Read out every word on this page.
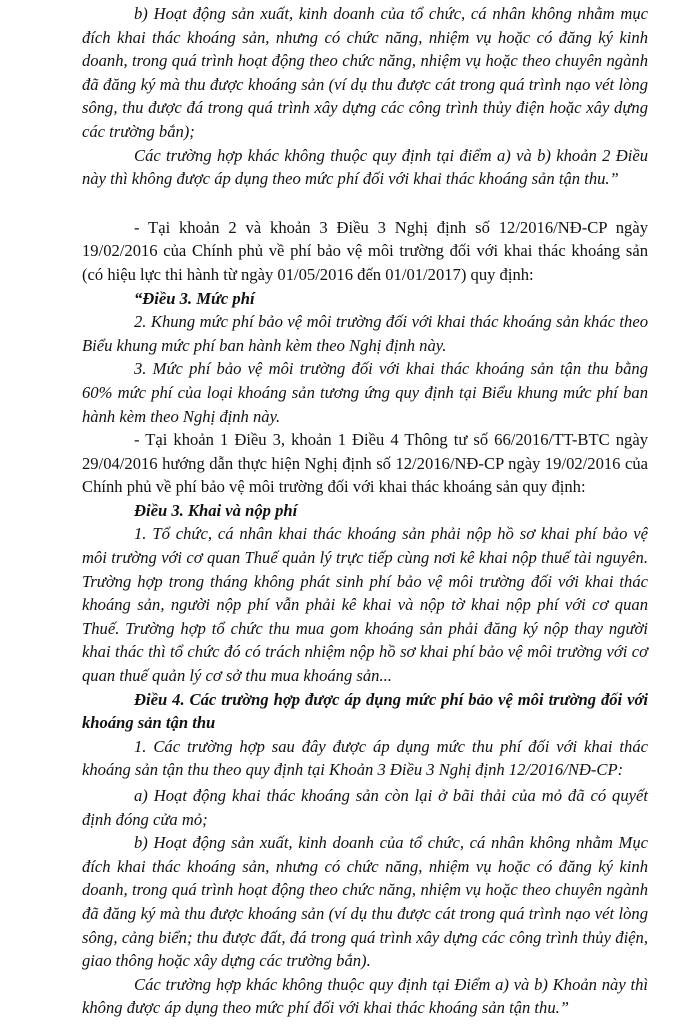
b) Hoạt động sản xuất, kinh doanh của tổ chức, cá nhân không nhằm mục đích khai thác khoáng sản, nhưng có chức năng, nhiệm vụ hoặc có đăng ký kinh doanh, trong quá trình hoạt động theo chức năng, nhiệm vụ hoặc theo chuyên ngành đã đăng ký mà thu được khoáng sản (ví dụ thu được cát trong quá trình nạo vét lòng sông, thu được đá trong quá trình xây dựng các công trình thủy điện hoặc xây dựng các trường bắn);

Các trường hợp khác không thuộc quy định tại điểm a) và b) khoản 2 Điều này thì không được áp dụng theo mức phí đối với khai thác khoáng sản tận thu.”

- Tại khoản 2 và khoản 3 Điều 3 Nghị định số 12/2016/NĐ-CP ngày 19/02/2016 của Chính phủ về phí bảo vệ môi trường đối với khai thác khoáng sản (có hiệu lực thi hành từ ngày 01/05/2016 đến 01/01/2017) quy định:

“Điều 3. Mức phí

2. Khung mức phí bảo vệ môi trường đối với khai thác khoáng sản khác theo Biểu khung mức phí ban hành kèm theo Nghị định này.

3. Mức phí bảo vệ môi trường đối với khai thác khoáng sản tận thu bằng 60% mức phí của loại khoáng sản tương ứng quy định tại Biểu khung mức phí ban hành kèm theo Nghị định này.

- Tại khoản 1 Điều 3, khoản 1 Điều 4 Thông tư số 66/2016/TT-BTC ngày 29/04/2016 hướng dẫn thực hiện Nghị định số 12/2016/NĐ-CP ngày 19/02/2016 của Chính phủ về phí bảo vệ môi trường đối với khai thác khoáng sản quy định:

Điều 3. Khai và nộp phí

1. Tổ chức, cá nhân khai thác khoáng sản phải nộp hồ sơ khai phí bảo vệ môi trường với cơ quan Thuế quản lý trực tiếp cùng nơi kê khai nộp thuế tài nguyên. Trường hợp trong tháng không phát sinh phí bảo vệ môi trường đối với khai thác khoáng sản, người nộp phí vẫn phải kê khai và nộp tờ khai nộp phí với cơ quan Thuế. Trường hợp tổ chức thu mua gom khoáng sản phải đăng ký nộp thay người khai thác thì tổ chức đó có trách nhiệm nộp hồ sơ khai phí bảo vệ môi trường với cơ quan thuế quản lý cơ sở thu mua khoáng sản...

Điều 4. Các trường hợp được áp dụng mức phí bảo vệ môi trường đối với khoáng sản tận thu

1. Các trường hợp sau đây được áp dụng mức thu phí đối với khai thác khoáng sản tận thu theo quy định tại Khoản 3 Điều 3 Nghị định 12/2016/NĐ-CP:

a) Hoạt động khai thác khoáng sản còn lại ở bãi thải của mỏ đã có quyết định đóng cửa mỏ;

b) Hoạt động sản xuất, kinh doanh của tổ chức, cá nhân không nhằm Mục đích khai thác khoáng sản, nhưng có chức năng, nhiệm vụ hoặc có đăng ký kinh doanh, trong quá trình hoạt động theo chức năng, nhiệm vụ hoặc theo chuyên ngành đã đăng ký mà thu được khoáng sản (ví dụ thu được cát trong quá trình nạo vét lòng sông, cảng biển; thu được đất, đá trong quá trình xây dựng các công trình thủy điện, giao thông hoặc xây dựng các trường bắn).

Các trường hợp khác không thuộc quy định tại Điểm a) và b) Khoản này thì không được áp dụng theo mức phí đối với khai thác khoáng sản tận thu.”
